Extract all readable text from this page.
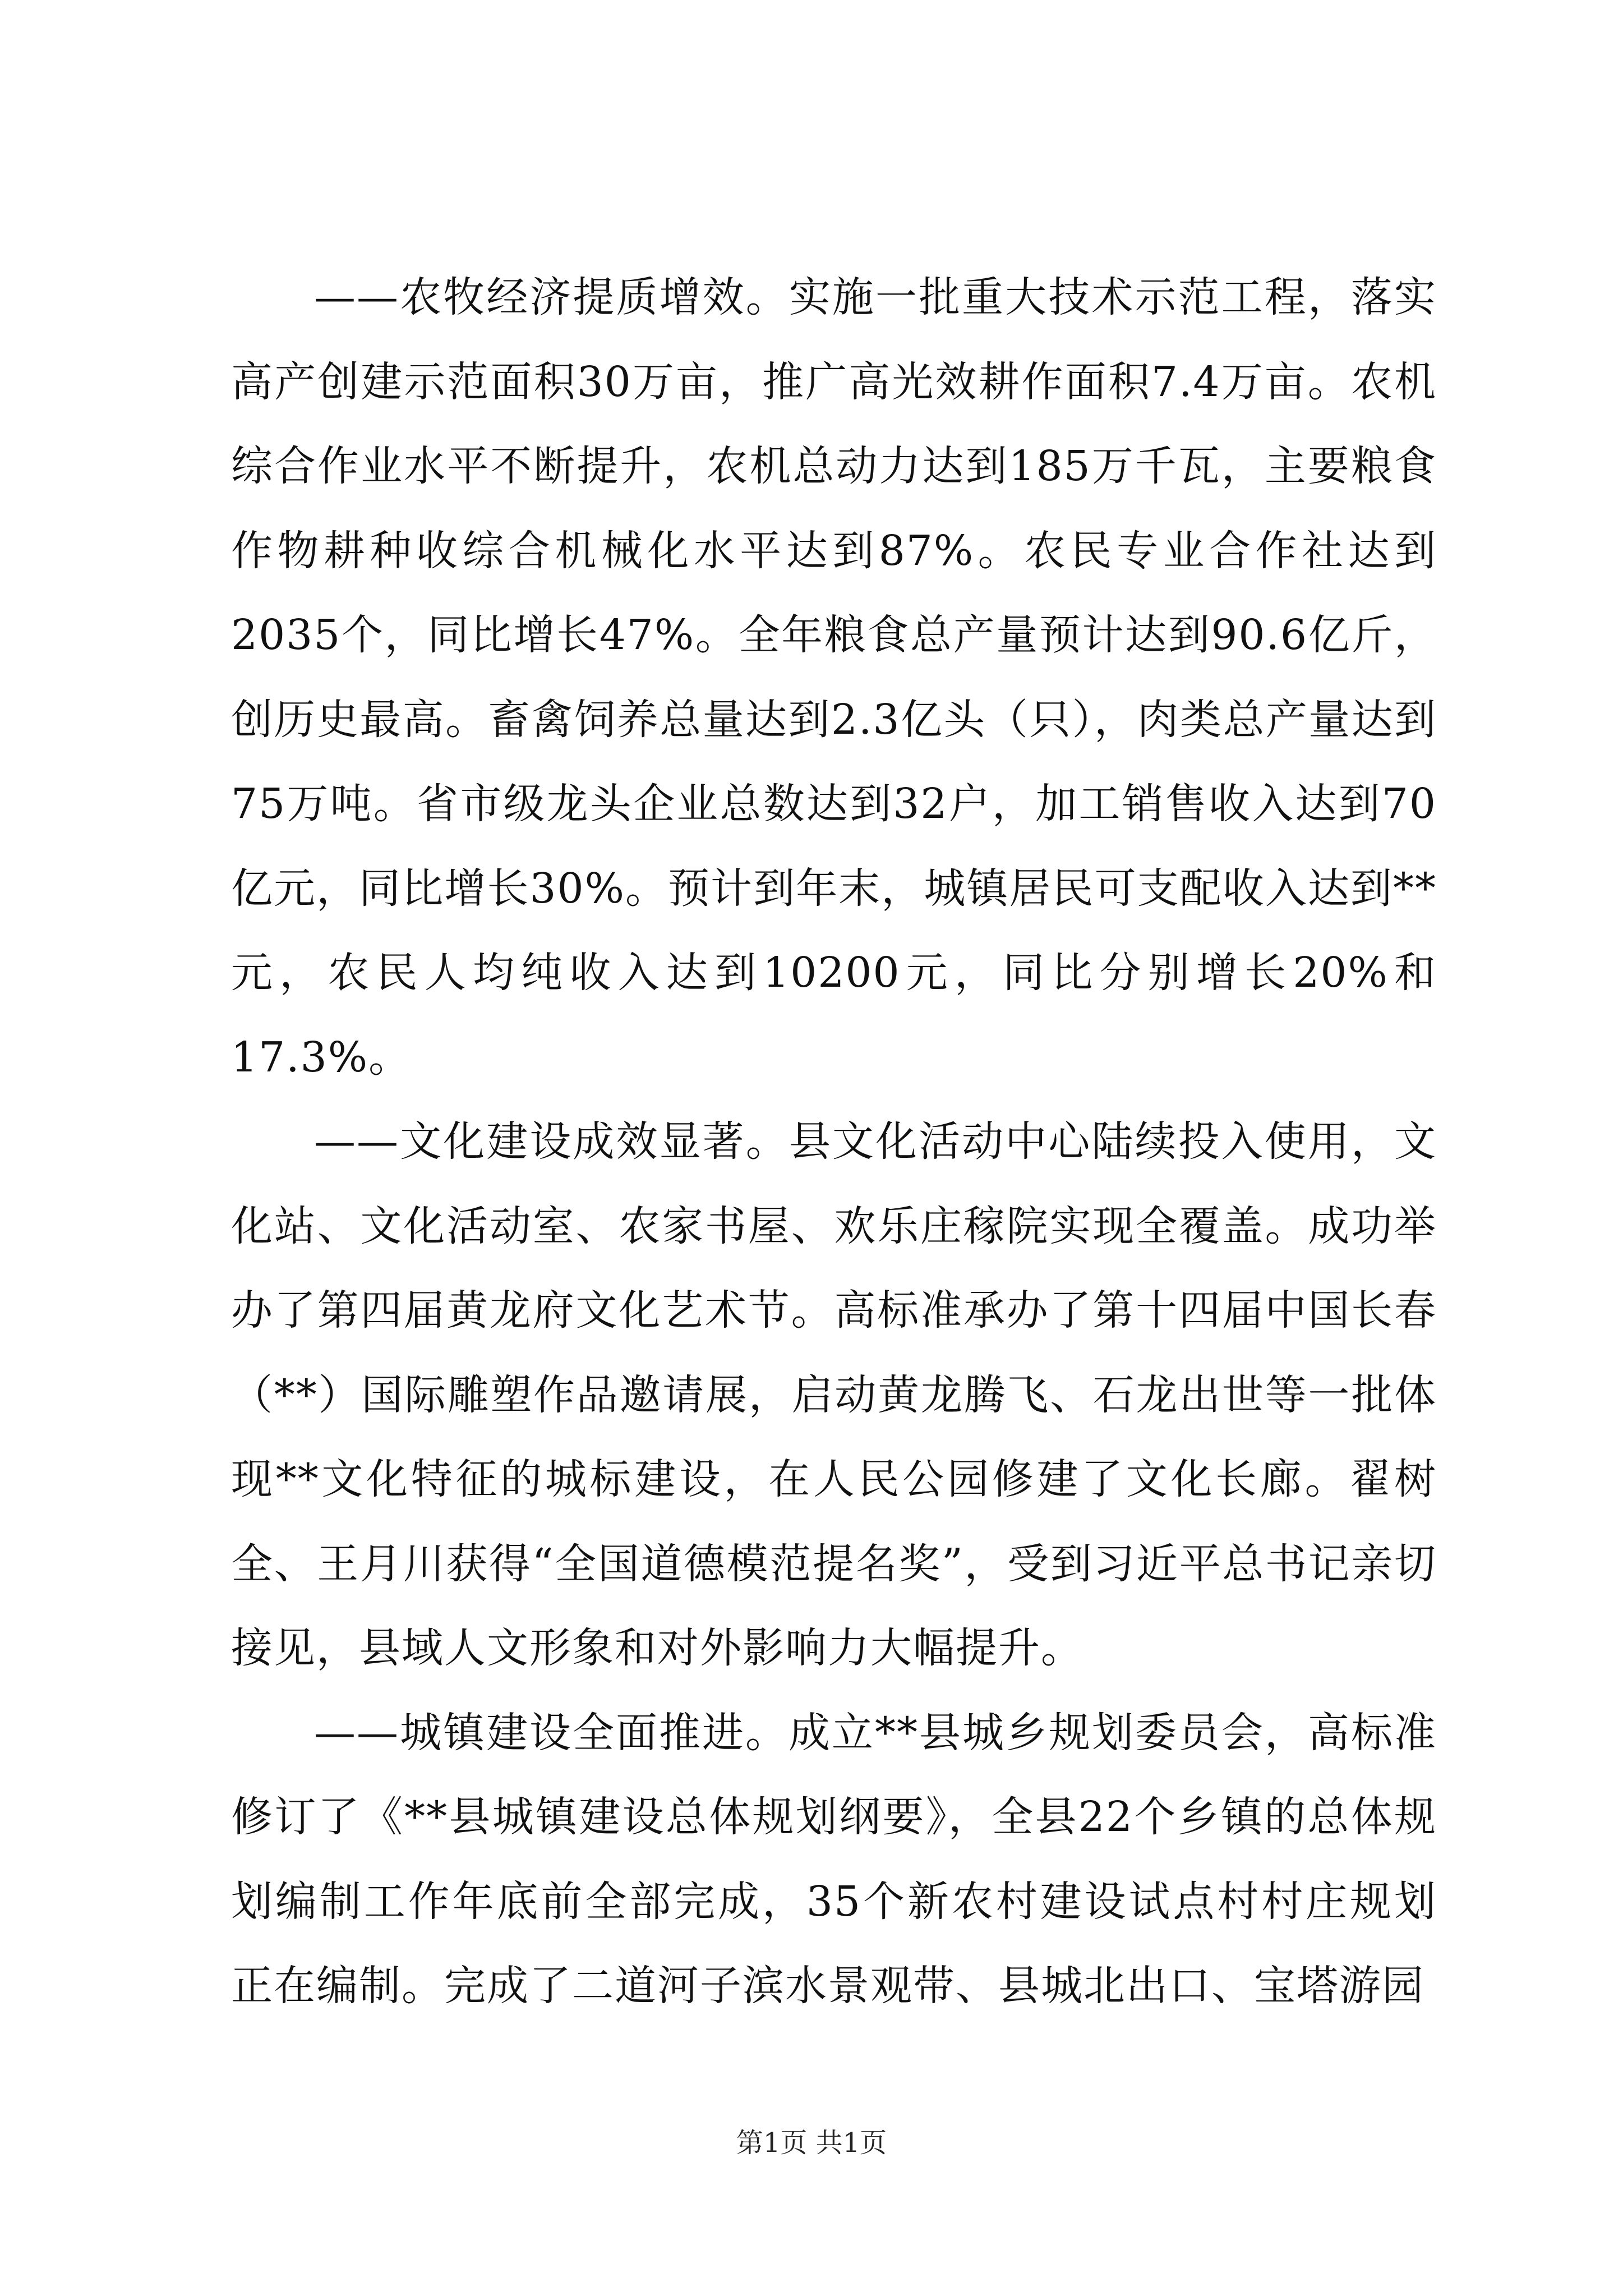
——农牧经济提质增效。实施一批重大技术示范工程，落实高产创建示范面积30万亩，推广高光效耕作面积7.4万亩。农机综合作业水平不断提升，农机总动力达到185万千瓦，主要粮食作物耕种收综合机械化水平达到87%。农民专业合作社达到2035个，同比增长47%。全年粮食总产量预计达到90.6亿斤，创历史最高。畜禽饲养总量达到2.3亿头（只），肉类总产量达到75万吨。省市级龙头企业总数达到32户，加工销售收入达到70亿元，同比增长30%。预计到年末，城镇居民可支配收入达到**元，农民人均纯收入达到10200元，同比分别增长20%和17.3%。

——文化建设成效显著。县文化活动中心陆续投入使用，文化站、文化活动室、农家书屋、欢乐庄稼院实现全覆盖。成功举办了第四届黄龙府文化艺术节。高标准承办了第十四届中国长春（**）国际雕塑作品邀请展，启动黄龙腾飞、石龙出世等一批体现**文化特征的城标建设，在人民公园修建了文化长廊。翟树全、王月川获得“全国道德模范提名奖”，受到习近平总书记亲切接见，县域人文形象和对外影响力大幅提升。

——城镇建设全面推进。成立**县城乡规划委员会，高标准修订了《**县城镇建设总体规划纲要》，全县22个乡镇的总体规划编制工作年底前全部完成，35个新农村建设试点村村庄规划正在编制。完成了二道河子滨水景观带、县城北出口、宝塔游园

第1页 共1页
